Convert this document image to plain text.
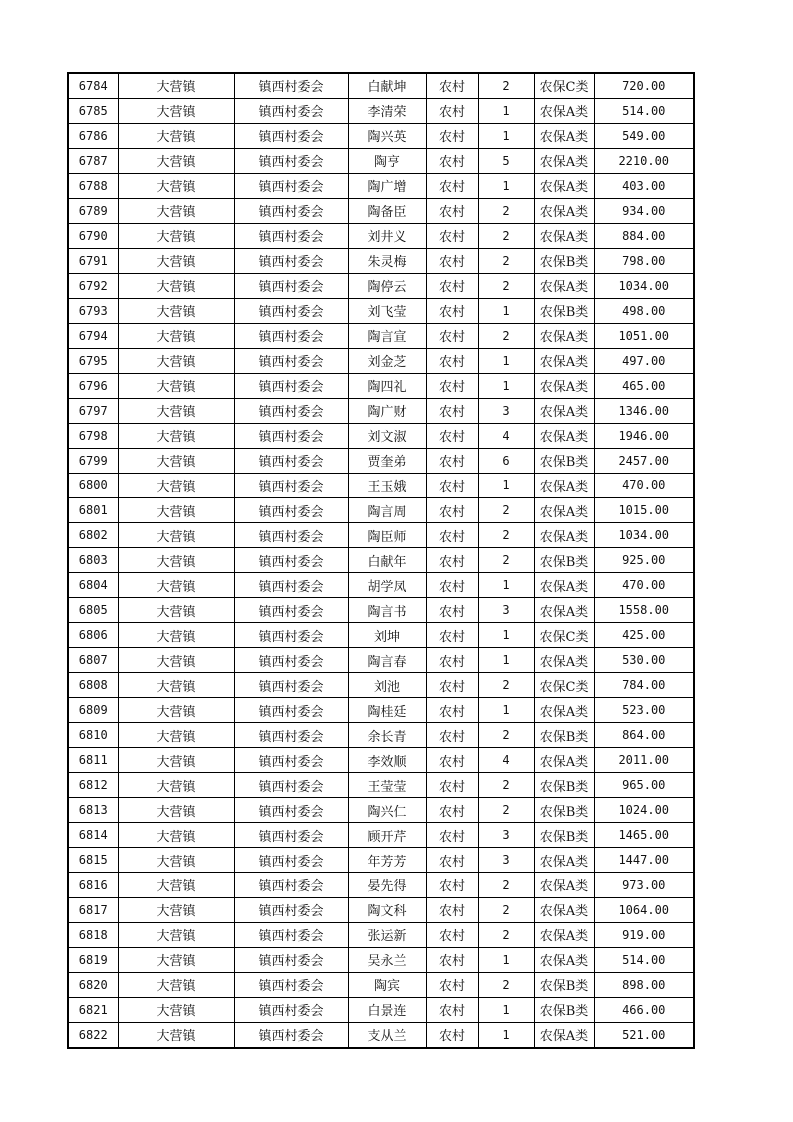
6784	大营镇	镇西村委会	白献坤	农村	2	农保C类	720.00
6785	大营镇	镇西村委会	李清荣	农村	1	农保A类	514.00
6786	大营镇	镇西村委会	陶兴英	农村	1	农保A类	549.00
6787	大营镇	镇西村委会	陶亨	农村	5	农保A类	2210.00
6788	大营镇	镇西村委会	陶广增	农村	1	农保A类	403.00
6789	大营镇	镇西村委会	陶备臣	农村	2	农保A类	934.00
6790	大营镇	镇西村委会	刘井义	农村	2	农保A类	884.00
6791	大营镇	镇西村委会	朱灵梅	农村	2	农保B类	798.00
6792	大营镇	镇西村委会	陶停云	农村	2	农保A类	1034.00
6793	大营镇	镇西村委会	刘飞莹	农村	1	农保B类	498.00
6794	大营镇	镇西村委会	陶言宣	农村	2	农保A类	1051.00
6795	大营镇	镇西村委会	刘金芝	农村	1	农保A类	497.00
6796	大营镇	镇西村委会	陶四礼	农村	1	农保A类	465.00
6797	大营镇	镇西村委会	陶广财	农村	3	农保A类	1346.00
6798	大营镇	镇西村委会	刘文淑	农村	4	农保A类	1946.00
6799	大营镇	镇西村委会	贾奎弟	农村	6	农保B类	2457.00
6800	大营镇	镇西村委会	王玉娥	农村	1	农保A类	470.00
6801	大营镇	镇西村委会	陶言周	农村	2	农保A类	1015.00
6802	大营镇	镇西村委会	陶臣师	农村	2	农保A类	1034.00
6803	大营镇	镇西村委会	白献年	农村	2	农保B类	925.00
6804	大营镇	镇西村委会	胡学凤	农村	1	农保A类	470.00
6805	大营镇	镇西村委会	陶言书	农村	3	农保A类	1558.00
6806	大营镇	镇西村委会	刘坤	农村	1	农保C类	425.00
6807	大营镇	镇西村委会	陶言春	农村	1	农保A类	530.00
6808	大营镇	镇西村委会	刘池	农村	2	农保C类	784.00
6809	大营镇	镇西村委会	陶桂廷	农村	1	农保A类	523.00
6810	大营镇	镇西村委会	余长青	农村	2	农保B类	864.00
6811	大营镇	镇西村委会	李效顺	农村	4	农保A类	2011.00
6812	大营镇	镇西村委会	王莹莹	农村	2	农保B类	965.00
6813	大营镇	镇西村委会	陶兴仁	农村	2	农保B类	1024.00
6814	大营镇	镇西村委会	顾开芹	农村	3	农保B类	1465.00
6815	大营镇	镇西村委会	年芳芳	农村	3	农保A类	1447.00
6816	大营镇	镇西村委会	晏先得	农村	2	农保A类	973.00
6817	大营镇	镇西村委会	陶文科	农村	2	农保A类	1064.00
6818	大营镇	镇西村委会	张运新	农村	2	农保A类	919.00
6819	大营镇	镇西村委会	吴永兰	农村	1	农保A类	514.00
6820	大营镇	镇西村委会	陶宾	农村	2	农保B类	898.00
6821	大营镇	镇西村委会	白景连	农村	1	农保B类	466.00
6822	大营镇	镇西村委会	支从兰	农村	1	农保A类	521.00
